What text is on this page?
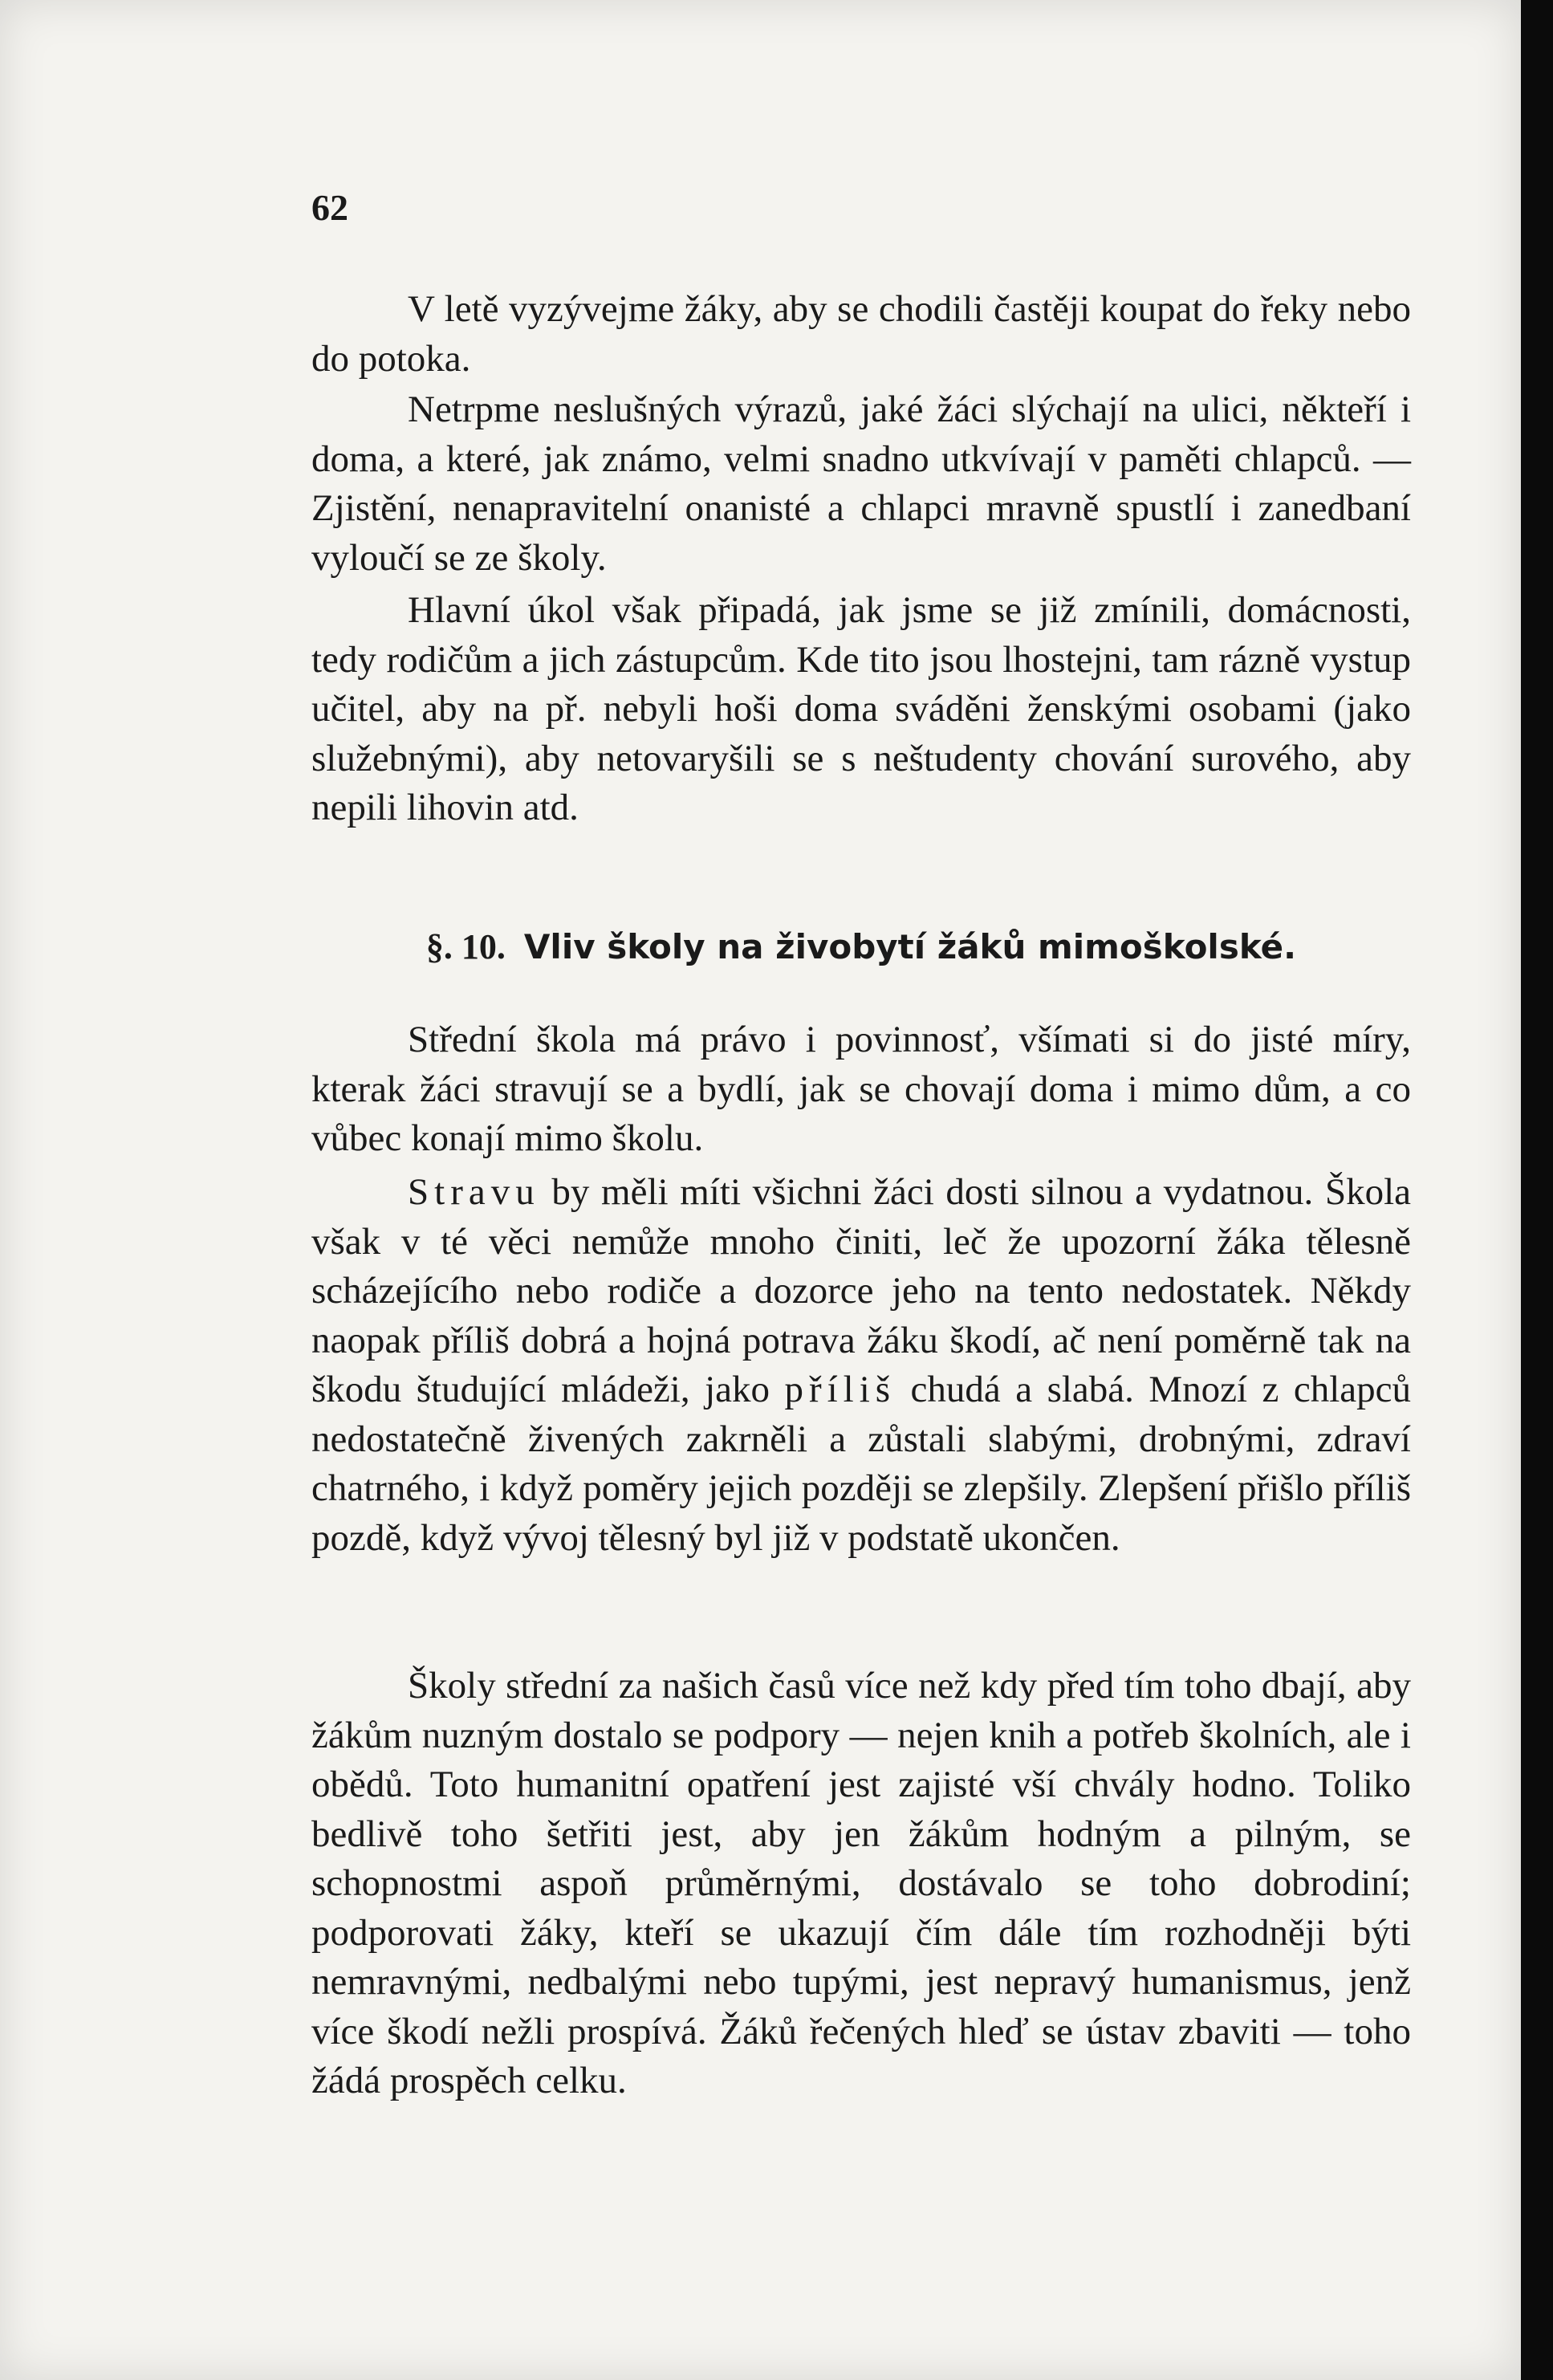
62

V letě vyzývejme žáky, aby se chodili častěji koupat do řeky nebo do potoka.

Netrpme neslušných výrazů, jaké žáci slýchají na ulici, někteří i doma, a které, jak známo, velmi snadno utkvívají v paměti chlapců. — Zjistění, nenapravitelní onanisté a chlapci mravně spustlí i zanedbaní vyloučí se ze školy.

Hlavní úkol však připadá, jak jsme se již zmínili, domácnosti, tedy rodičům a jich zástupcům. Kde tito jsou lhostejni, tam rázně vystup učitel, aby na př. nebyli hoši doma sváděni ženskými osobami (jako služebnými), aby netovaryšili se s neštudenty chování surového, aby nepili lihovin atd.

§. 10. Vliv školy na živobytí žáků mimoškolské.

Střední škola má právo i povinnosť, všímati si do jisté míry, kterak žáci stravují se a bydlí, jak se chovají doma i mimo dům, a co vůbec konají mimo školu.

Stravu by měli míti všichni žáci dosti silnou a vydatnou. Škola však v té věci nemůže mnoho činiti, leč že upozorní žáka tělesně scházejícího nebo rodiče a dozorce jeho na tento nedostatek. Někdy naopak příliš dobrá a hojná potrava žáku škodí, ač není poměrně tak na škodu študující mládeži, jako příliš chudá a slabá. Mnozí z chlapců nedostatečně živených zakrněli a zůstali slabými, drobnými, zdraví chatrného, i když poměry jejich později se zlepšily. Zlepšení přišlo příliš pozdě, když vývoj tělesný byl již v podstatě ukončen.

Školy střední za našich časů více než kdy před tím toho dbají, aby žákům nuzným dostalo se podpory — nejen knih a potřeb školních, ale i obědů. Toto humanitní opatření jest zajisté vší chvály hodno. Toliko bedlivě toho šetřiti jest, aby jen žákům hodným a pilným, se schopnostmi aspoň průměrnými, dostávalo se toho dobrodiní; podporovati žáky, kteří se ukazují čím dále tím rozhodněji býti nemravnými, nedbalými nebo tupými, jest nepravý humanismus, jenž více škodí nežli prospívá. Žáků řečených hleď se ústav zbaviti — toho žádá prospěch celku.
